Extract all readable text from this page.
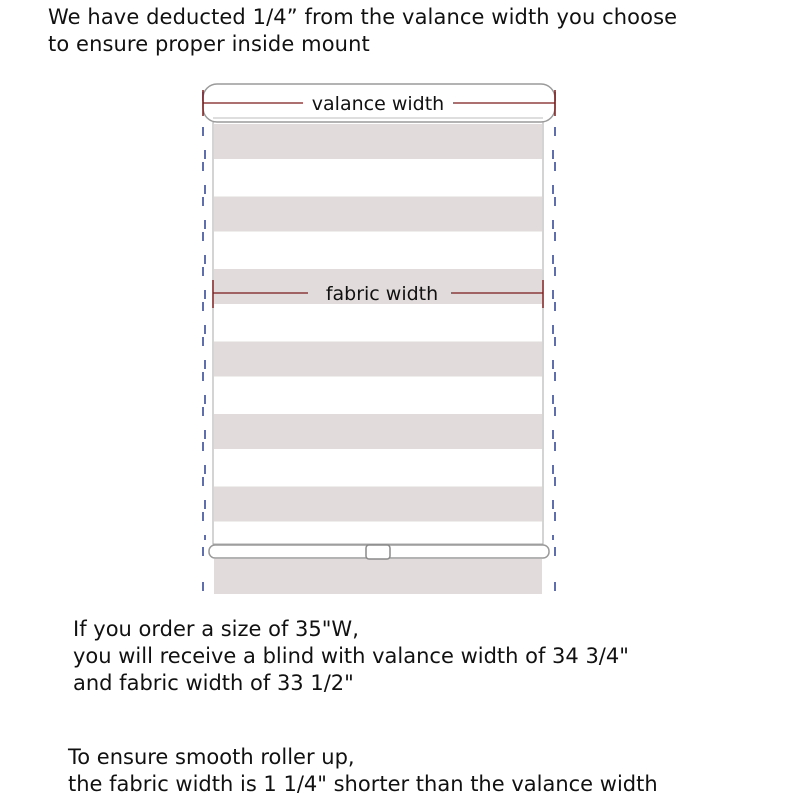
We have deducted 1/4” from the valance width you choose
to ensure proper inside mount
valance width
fabric width
If you order a size of 35"W,
you will receive a blind with valance width of 34 3/4"
and fabric width of 33 1/2"
To ensure smooth roller up,
the fabric width is 1 1/4" shorter than the valance width
